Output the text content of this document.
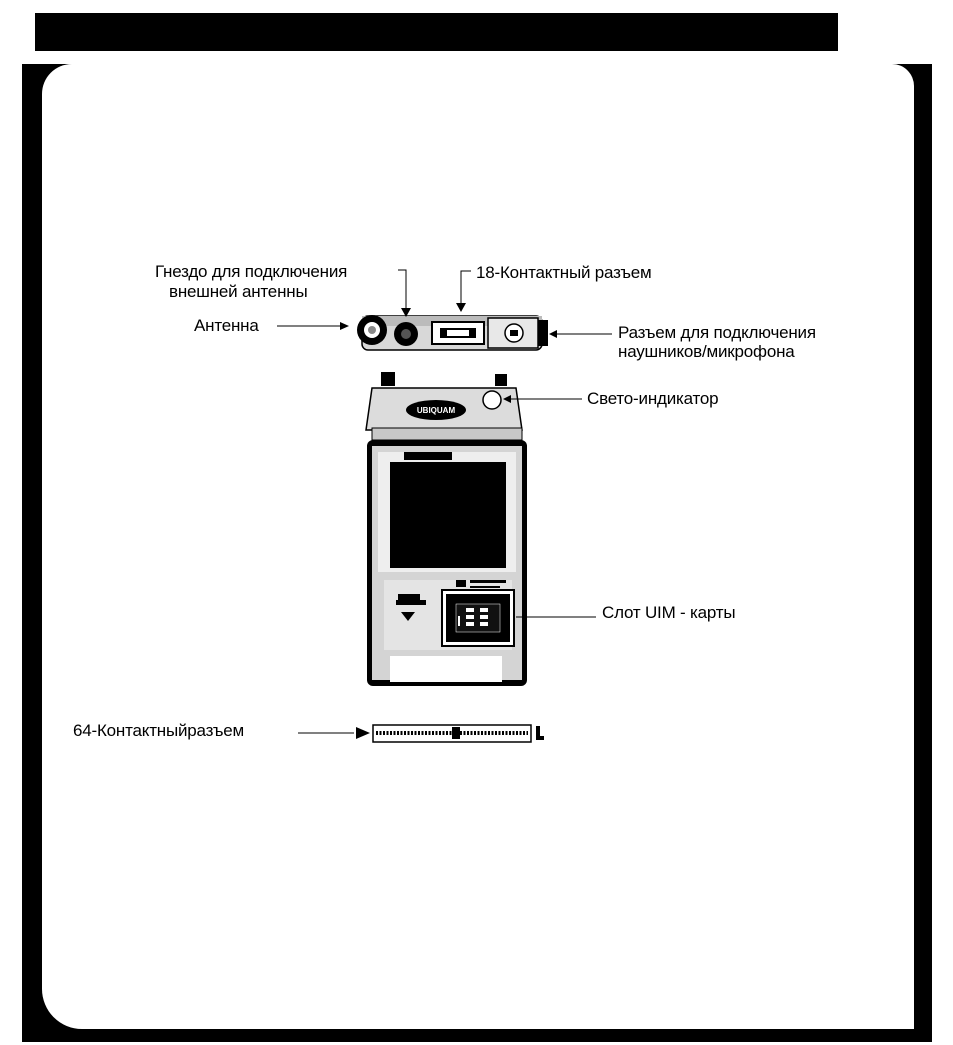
UBIQUAM
Гнездо для подключения
внешней антенны
18-Контактный разъем
Антенна	Разъем для подключения
наушников/микрофона
Свето-индикатор
Слот UIM - карты
64-Контактныйразъем
5
